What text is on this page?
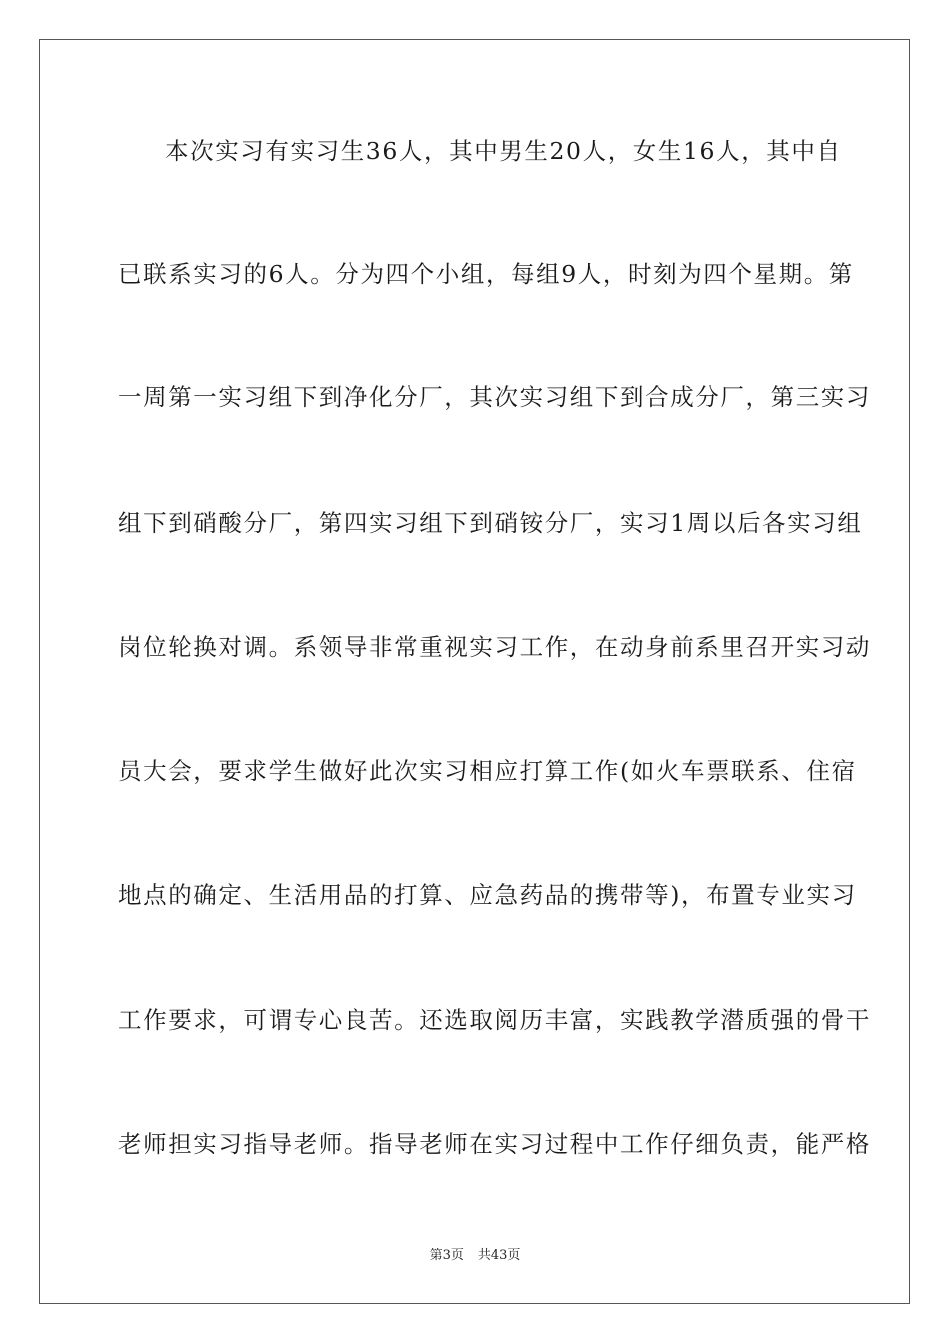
本次实习有实习生36人，其中男生20人，女生16人，其中自
已联系实习的6人。分为四个小组，每组9人，时刻为四个星期。第
一周第一实习组下到净化分厂，其次实习组下到合成分厂，第三实习
组下到硝酸分厂，第四实习组下到硝铵分厂，实习1周以后各实习组
岗位轮换对调。系领导非常重视实习工作，在动身前系里召开实习动
员大会，要求学生做好此次实习相应打算工作(如火车票联系、住宿
地点的确定、生活用品的打算、应急药品的携带等)，布置专业实习
工作要求，可谓专心良苦。还选取阅历丰富，实践教学潜质强的骨干
老师担实习指导老师。指导老师在实习过程中工作仔细负责，能严格
第3页 共43页
